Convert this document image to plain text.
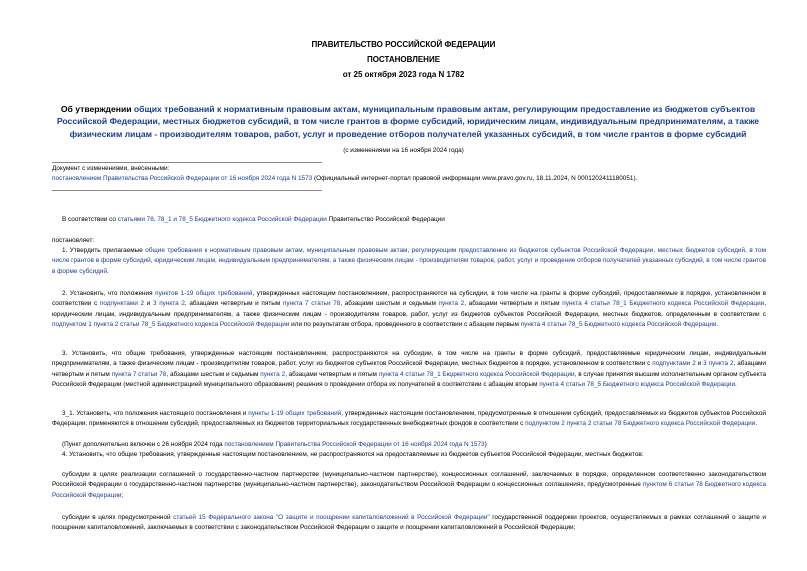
ПРАВИТЕЛЬСТВО РОССИЙСКОЙ ФЕДЕРАЦИИ
ПОСТАНОВЛЕНИЕ
от 25 октября 2023 года N 1782
Об утверждении общих требований к нормативным правовым актам, муниципальным правовым актам, регулирующим предоставление из бюджетов субъектов Российской Федерации, местных бюджетов субсидий, в том числе грантов в форме субсидий, юридическим лицам, индивидуальным предпринимателям, а также физическим лицам - производителям товаров, работ, услуг и проведение отборов получателей указанных субсидий, в том числе грантов в форме субсидий
(с изменениями на 16 ноября 2024 года)
Документ с изменениями, внесенными:
постановлением Правительства Российской Федерации от 16 ноября 2024 года N 1573 (Официальный интернет-портал правовой информации www.pravo.gov.ru, 18.11.2024, N 0001202411180051).
В соответствии со статьями 78, 78_1 и 78_5 Бюджетного кодекса Российской Федерации Правительство Российской Федерации
постановляет:
1. Утвердить прилагаемые общие требования к нормативным правовым актам, муниципальным правовым актам, регулирующим предоставление из бюджетов субъектов Российской Федерации, местных бюджетов субсидий, в том числе грантов в форме субсидий, юридическим лицам, индивидуальным предпринимателям, а также физическим лицам - производителям товаров, работ, услуг и проведение отборов получателей указанных субсидий, в том числе грантов в форме субсидий.
2. Установить, что положения пунктов 1-19 общих требований, утвержденных настоящим постановлением, распространяются на субсидии, в том числе на гранты в форме субсидий, предоставляемые в порядке, установленном в соответствии с подпунктами 2 и 3 пункта 2, абзацами четвертым и пятым пункта 7 статьи 78, абзацами шестым и седьмым пункта 2, абзацами четвертым и пятым пункта 4 статьи 78_1 Бюджетного кодекса Российской Федерации, юридическим лицам, индивидуальным предпринимателям, а также физическим лицам - производителям товаров, работ, услуг из бюджетов субъектов Российской Федерации, местных бюджетов, определенным в соответствии с подпунктом 1 пункта 2 статьи 78_5 Бюджетного кодекса Российской Федерации или по результатам отбора, проведенного в соответствии с абзацем первым пункта 4 статьи 78_5 Бюджетного кодекса Российской Федерации.
3. Установить, что общие требования, утвержденные настоящим постановлением, распространяются на субсидии, в том числе на гранты в форме субсидий, предоставляемые юридическим лицам, индивидуальным предпринимателям, а также физическим лицам - производителям товаров, работ, услуг из бюджетов субъектов Российской Федерации, местных бюджетов в порядке, установленном в соответствии с подпунктами 2 и 3 пункта 2, абзацами четвертым и пятым пункта 7 статьи 78, абзацами шестым и седьмым пункта 2, абзацами четвертым и пятым пункта 4 статьи 78_1 Бюджетного кодекса Российской Федерации, в случае принятия высшим исполнительным органом субъекта Российской Федерации (местной администрацией муниципального образования) решения о проведении отбора их получателей в соответствии с абзацем вторым пункта 4 статьи 78_5 Бюджетного кодекса Российской Федерации.
3_1. Установить, что положения настоящего постановления и пункты 1-19 общих требований, утвержденных настоящим постановлением, предусмотренные в отношении субсидий, предоставляемых из бюджетов субъектов Российской Федерации, применяются в отношении субсидий, предоставляемых из бюджетов территориальных государственных внебюджетных фондов в соответствии с подпунктом 2 пункта 2 статьи 78 Бюджетного кодекса Российской Федерации.
(Пункт дополнительно включен с 26 ноября 2024 года постановлением Правительства Российской Федерации от 16 ноября 2024 года N 1573)
4. Установить, что общие требования, утвержденные настоящим постановлением, не распространяются на предоставляемые из бюджетов субъектов Российской Федерации, местных бюджетов:
субсидии в целях реализации соглашений о государственно-частном партнерстве (муниципально-частном партнерстве), концессионных соглашений, заключаемых в порядке, определенном соответственно законодательством Российской Федерации о государственно-частном партнерстве (муниципально-частном партнерстве), законодательством Российской Федерации о концессионных соглашениях, предусмотренные пунктом 6 статьи 78 Бюджетного кодекса Российской Федерации;
субсидии в целях предусмотренной статьей 15 Федерального закона "О защите и поощрении капиталовложений в Российской Федерации" государственной поддержки проектов, осуществляемых в рамках соглашений о защите и поощрении капиталовложений, заключаемых в соответствии с законодательством Российской Федерации о защите и поощрении капиталовложений в Российской Федерации;
